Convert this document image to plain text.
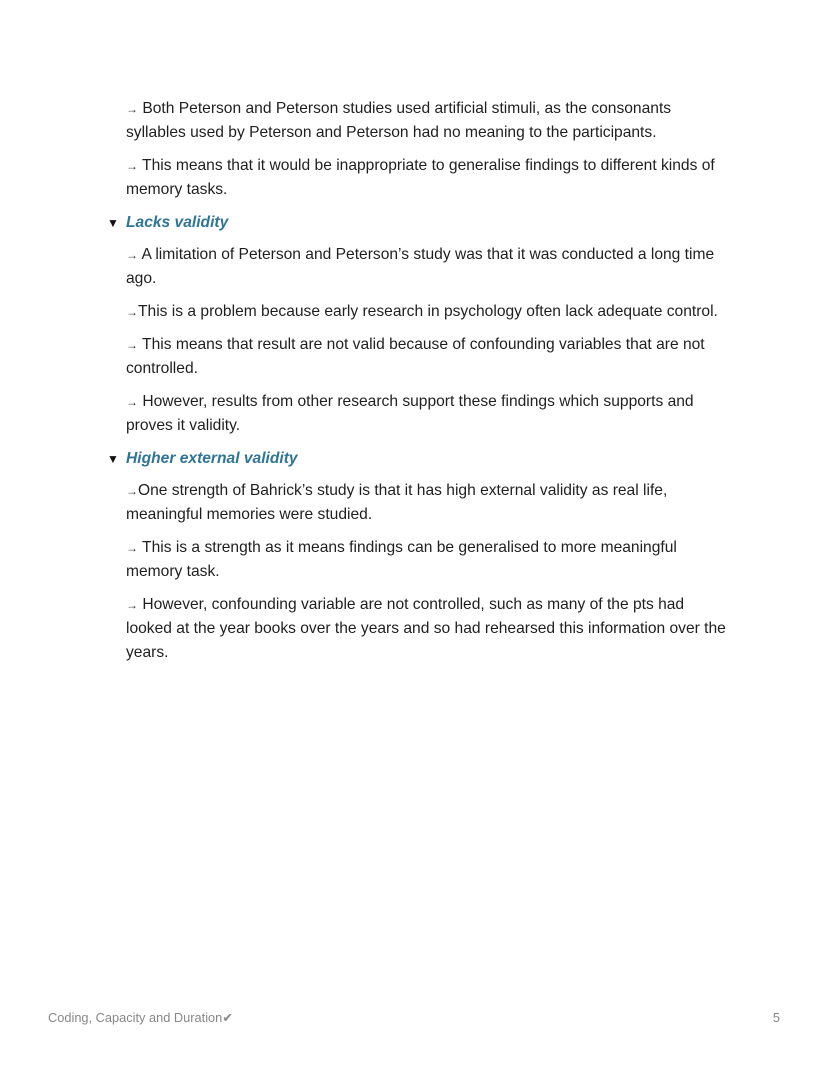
→ Both Peterson and Peterson studies used artificial stimuli, as the consonants syllables used by Peterson and Peterson had no meaning to the participants.

→ This means that it would be inappropriate to generalise findings to different kinds of memory tasks.

▼ Lacks validity

→ A limitation of Peterson and Peterson’s study was that it was conducted a long time ago.

→This is a problem because early research in psychology often lack adequate control.

→ This means that result are not valid because of confounding variables that are not controlled.

→ However, results from other research support these findings which supports and proves it validity.

▼ Higher external validity

→One strength of Bahrick’s study is that it has high external validity as real life, meaningful memories were studied.

→ This is a strength as it means findings can be generalised to more meaningful memory task.

→ However, confounding variable are not controlled, such as many of the pts had looked at the year books over the years and so had rehearsed this information over the years.

Coding, Capacity and Duration✔	5
